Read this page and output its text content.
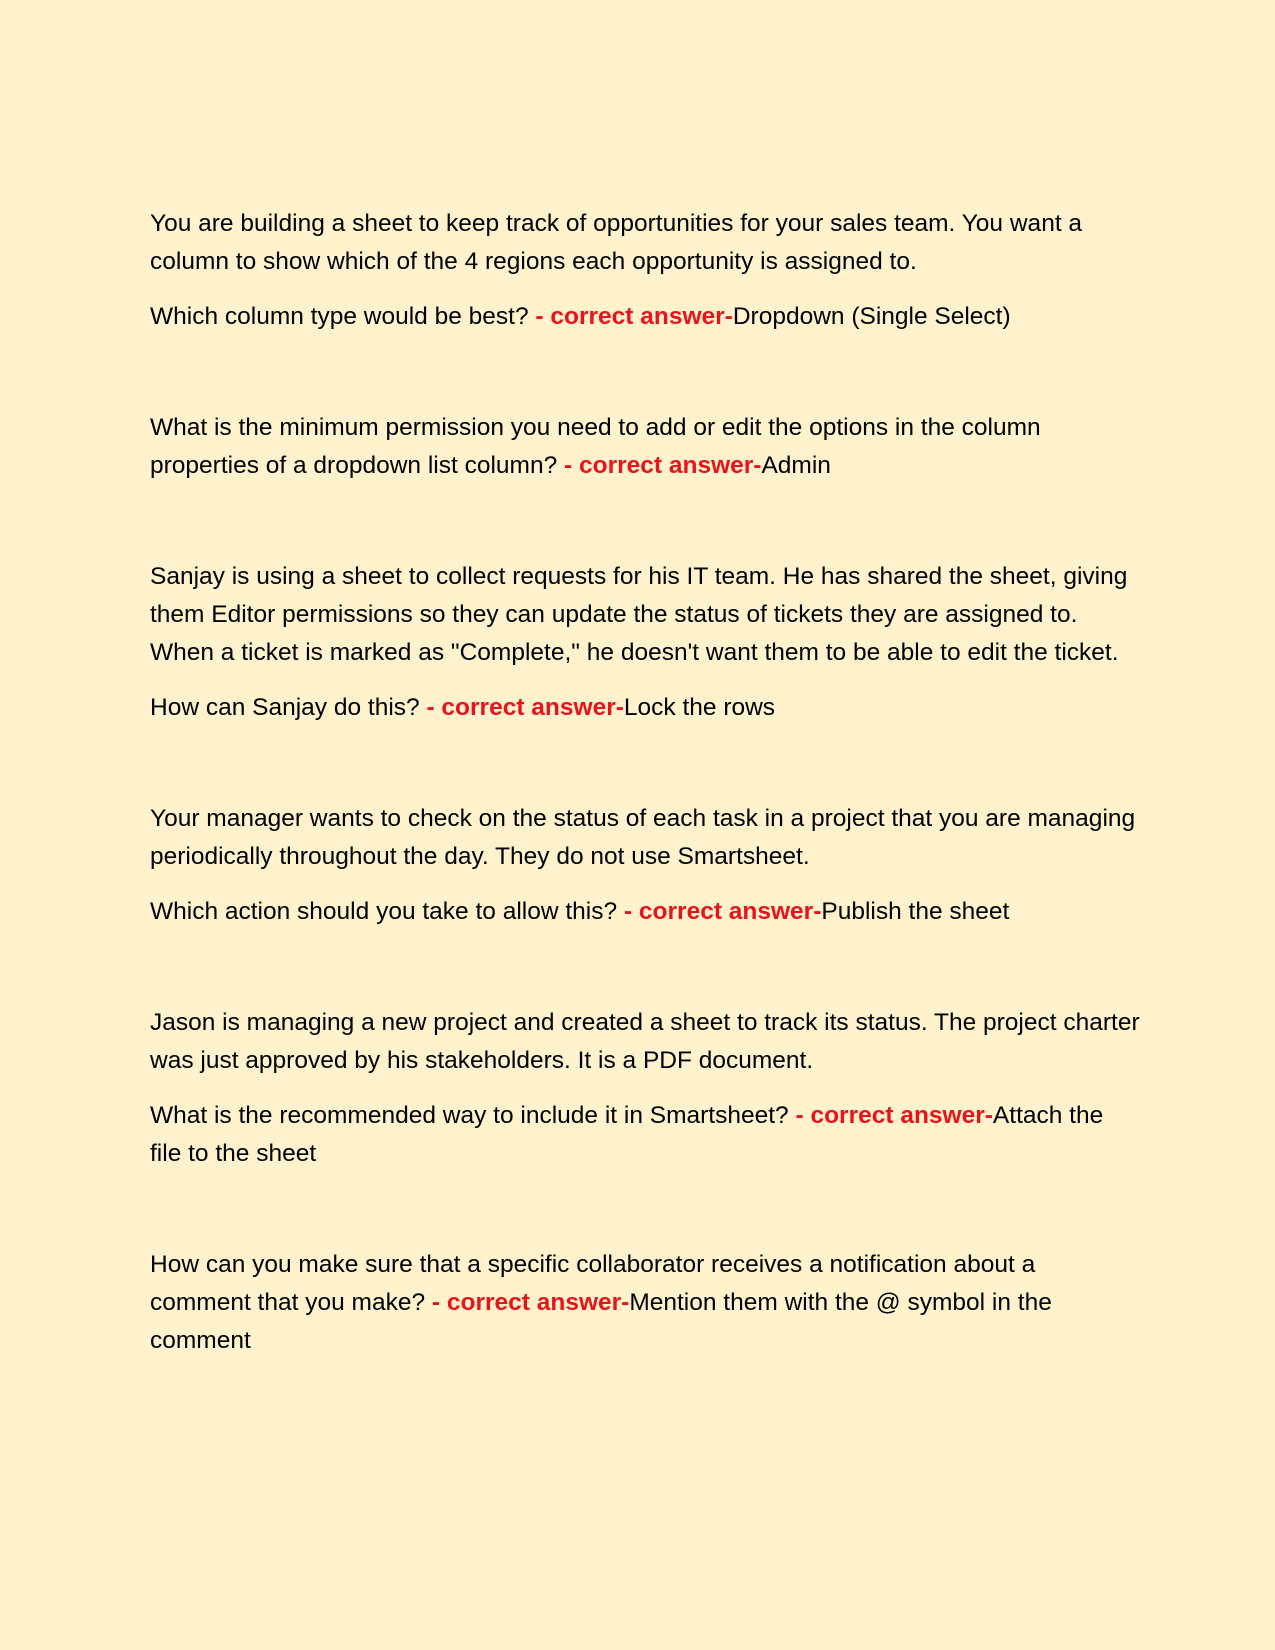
You are building a sheet to keep track of opportunities for your sales team. You want a column to show which of the 4 regions each opportunity is assigned to.

Which column type would be best? - correct answer-Dropdown (Single Select)

What is the minimum permission you need to add or edit the options in the column properties of a dropdown list column? - correct answer-Admin

Sanjay is using a sheet to collect requests for his IT team. He has shared the sheet, giving them Editor permissions so they can update the status of tickets they are assigned to. When a ticket is marked as "Complete," he doesn't want them to be able to edit the ticket.

How can Sanjay do this? - correct answer-Lock the rows

Your manager wants to check on the status of each task in a project that you are managing periodically throughout the day. They do not use Smartsheet.

Which action should you take to allow this? - correct answer-Publish the sheet

Jason is managing a new project and created a sheet to track its status. The project charter was just approved by his stakeholders. It is a PDF document.

What is the recommended way to include it in Smartsheet? - correct answer-Attach the file to the sheet

How can you make sure that a specific collaborator receives a notification about a comment that you make? - correct answer-Mention them with the @ symbol in the comment
